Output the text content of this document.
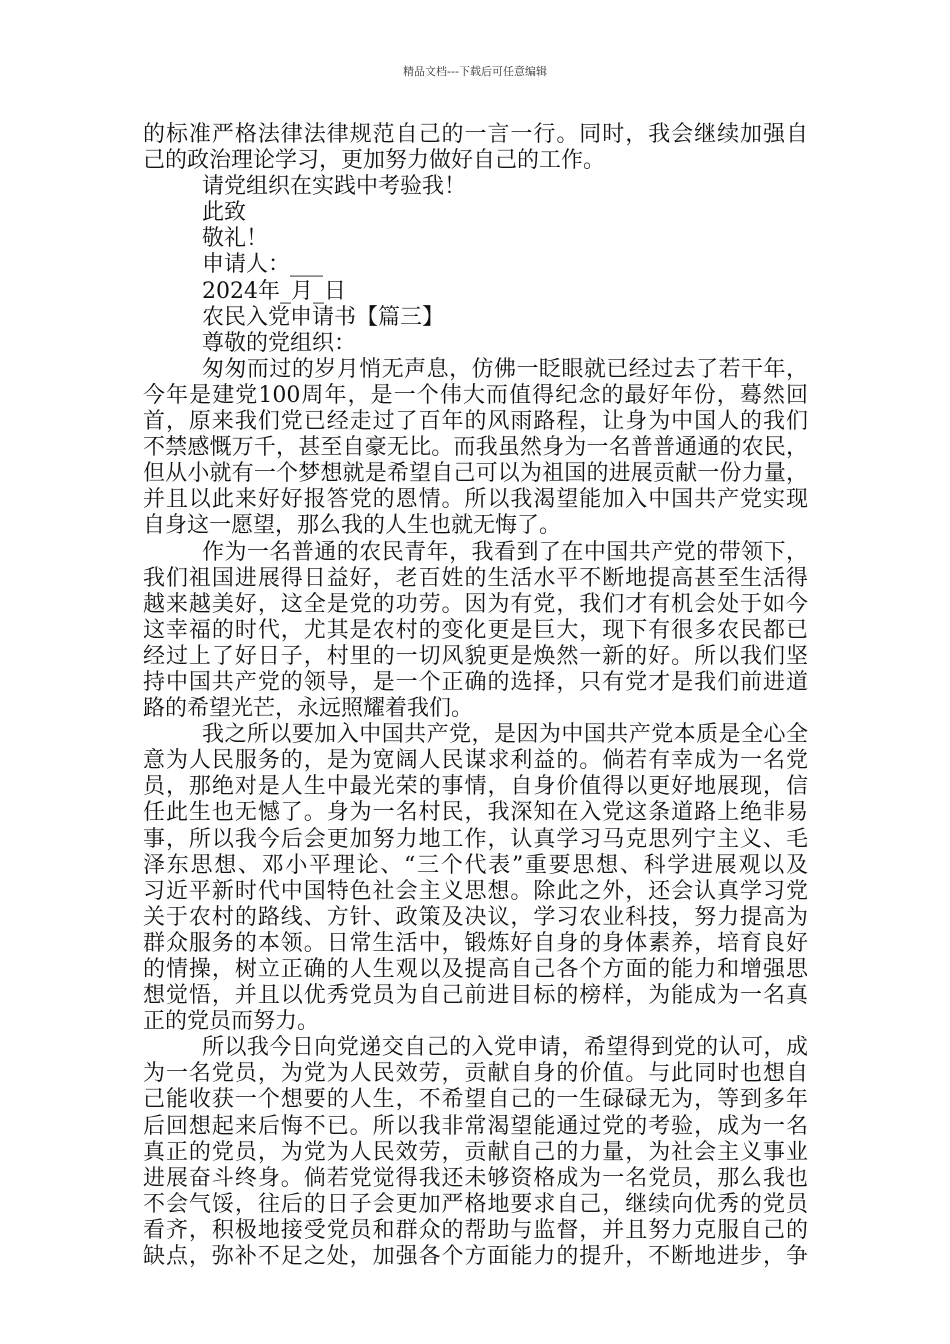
精品文档---下载后可任意编辑
的标准严格法律法律规范自己的一言一行。同时，我会继续加强自
己的政治理论学习，更加努力做好自己的工作。
请党组织在实践中考验我！
此致
敬礼！
申请人：___
2024年_月_日
农民入党申请书【篇三】
尊敬的党组织：
匆匆而过的岁月悄无声息，仿佛一眨眼就已经过去了若干年，
今年是建党100周年，是一个伟大而值得纪念的最好年份，蓦然回
首，原来我们党已经走过了百年的风雨路程，让身为中国人的我们
不禁感慨万千，甚至自豪无比。而我虽然身为一名普普通通的农民，
但从小就有一个梦想就是希望自己可以为祖国的进展贡献一份力量，
并且以此来好好报答党的恩情。所以我渴望能加入中国共产党实现
自身这一愿望，那么我的人生也就无悔了。
作为一名普通的农民青年，我看到了在中国共产党的带领下，
我们祖国进展得日益好，老百姓的生活水平不断地提高甚至生活得
越来越美好，这全是党的功劳。因为有党，我们才有机会处于如今
这幸福的时代，尤其是农村的变化更是巨大，现下有很多农民都已
经过上了好日子，村里的一切风貌更是焕然一新的好。所以我们坚
持中国共产党的领导，是一个正确的选择，只有党才是我们前进道
路的希望光芒，永远照耀着我们。
我之所以要加入中国共产党，是因为中国共产党本质是全心全
意为人民服务的，是为宽阔人民谋求利益的。倘若有幸成为一名党
员，那绝对是人生中最光荣的事情，自身价值得以更好地展现，信
任此生也无憾了。身为一名村民，我深知在入党这条道路上绝非易
事，所以我今后会更加努力地工作，认真学习马克思列宁主义、毛
泽东思想、邓小平理论、“三个代表”重要思想、科学进展观以及
习近平新时代中国特色社会主义思想。除此之外，还会认真学习党
关于农村的路线、方针、政策及决议，学习农业科技，努力提高为
群众服务的本领。日常生活中，锻炼好自身的身体素养，培育良好
的情操，树立正确的人生观以及提高自己各个方面的能力和增强思
想觉悟，并且以优秀党员为自己前进目标的榜样，为能成为一名真
正的党员而努力。
所以我今日向党递交自己的入党申请，希望得到党的认可，成
为一名党员，为党为人民效劳，贡献自身的价值。与此同时也想自
己能收获一个想要的人生，不希望自己的一生碌碌无为，等到多年
后回想起来后悔不已。所以我非常渴望能通过党的考验，成为一名
真正的党员，为党为人民效劳，贡献自己的力量，为社会主义事业
进展奋斗终身。倘若党觉得我还未够资格成为一名党员，那么我也
不会气馁，往后的日子会更加严格地要求自己，继续向优秀的党员
看齐，积极地接受党员和群众的帮助与监督，并且努力克服自己的
缺点，弥补不足之处，加强各个方面能力的提升，不断地进步，争
